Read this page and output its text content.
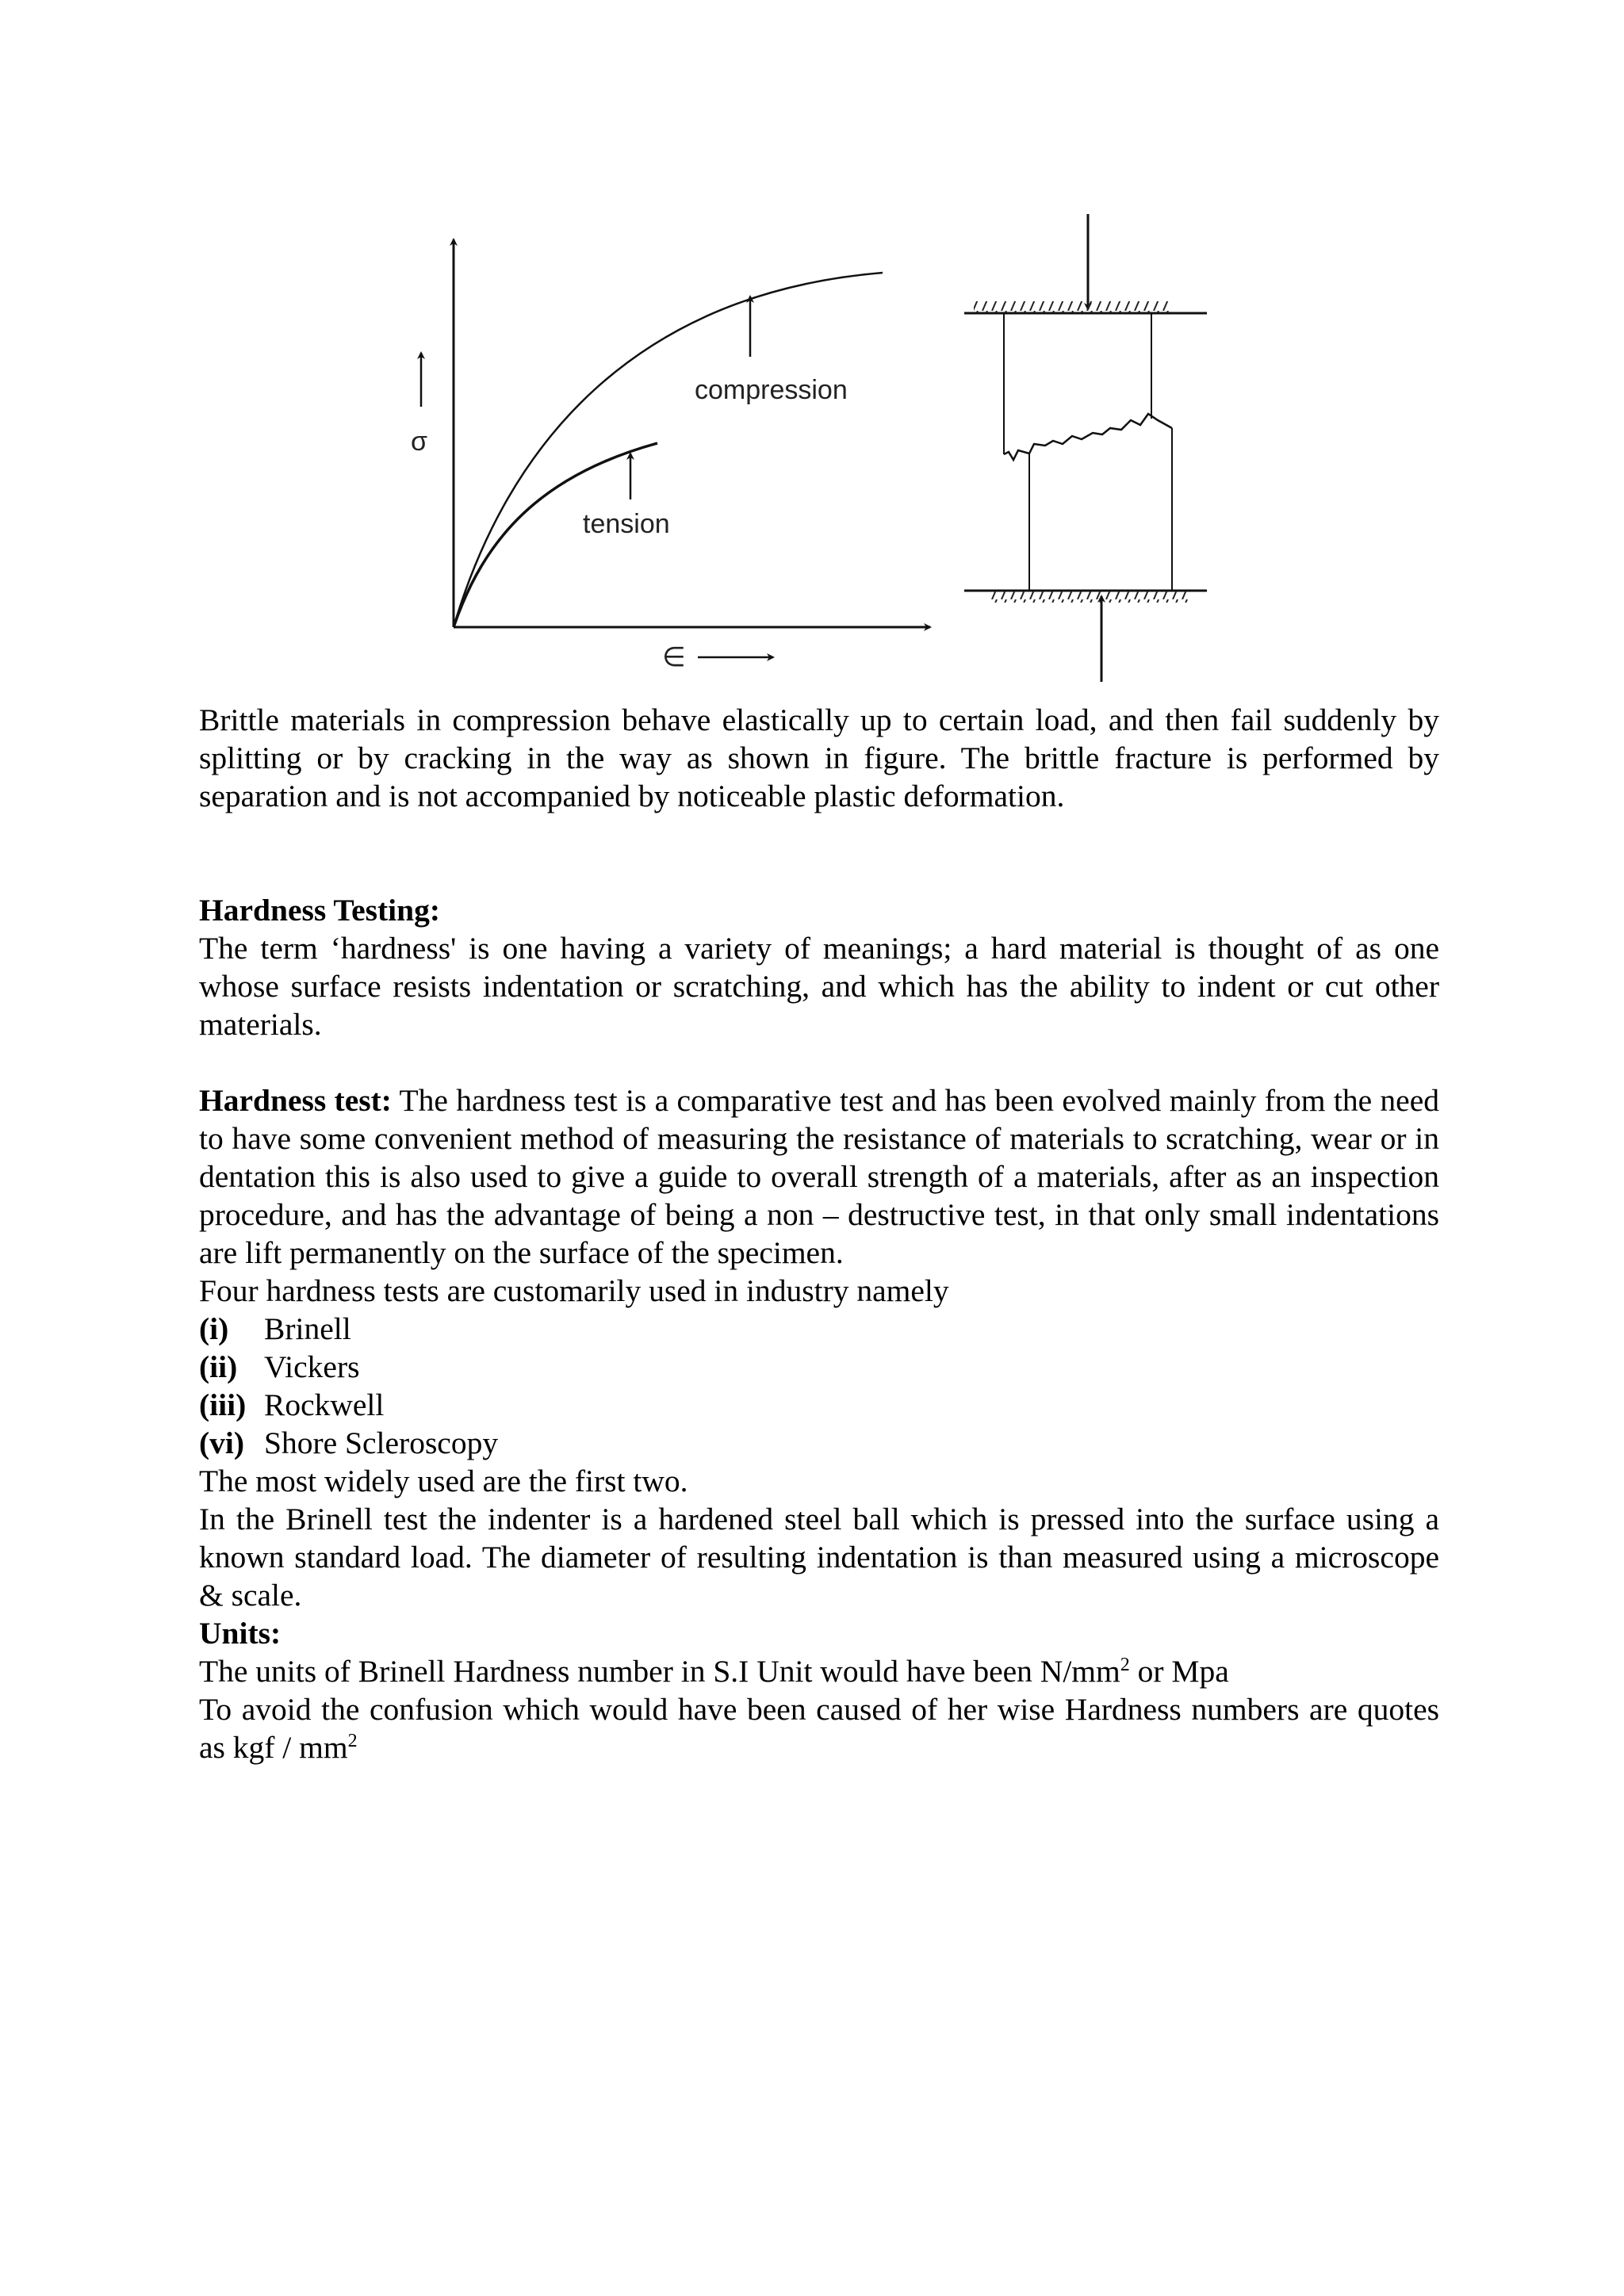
σ
∈
compression
tension

Brittle materials in compression behave elastically up to certain load, and then fail suddenly by splitting or by cracking in the way as shown in figure. The brittle fracture is performed by separation and is not accompanied by noticeable plastic deformation.

Hardness Testing:

The term ‘hardness' is one having a variety of meanings; a hard material is thought of as one whose surface resists indentation or scratching, and which has the ability to indent or cut other materials.

Hardness test: The hardness test is a comparative test and has been evolved mainly from the need to have some convenient method of measuring the resistance of materials to scratching, wear or in dentation this is also used to give a guide to overall strength of a materials, after as an inspection procedure, and has the advantage of being a non – destructive test, in that only small indentations are lift permanently on the surface of the specimen.

Four hardness tests are customarily used in industry namely

(i) Brinell

(ii) Vickers

(iii) Rockwell

(vi) Shore Scleroscopy

The most widely used are the first two.

In the Brinell test the indenter is a hardened steel ball which is pressed into the surface using a known standard load. The diameter of resulting indentation is than measured using a microscope & scale.

Units:

The units of Brinell Hardness number in S.I Unit would have been $N/mm^2$ or Mpa

To avoid the confusion which would have been caused of her wise Hardness numbers are quotes as kgf / $mm^2$
